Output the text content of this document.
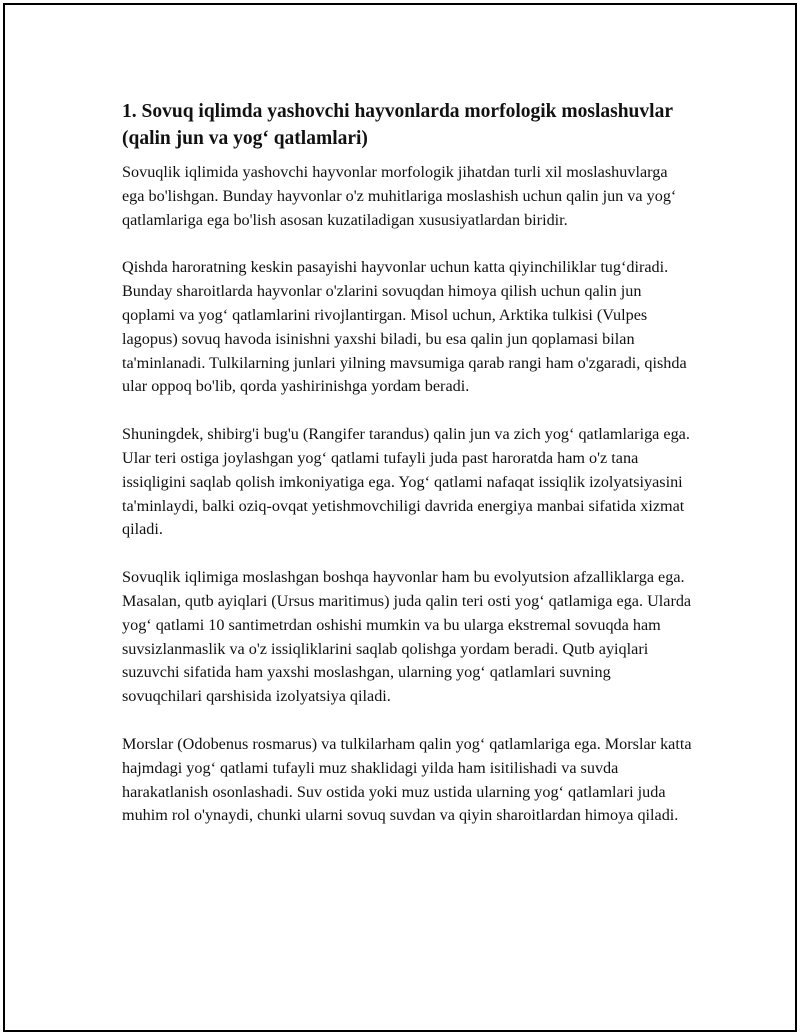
1. Sovuq iqlimda yashovchi hayvonlarda morfologik moslashuvlar (qalin jun va yog‘ qatlamlari)

Sovuqlik iqlimida yashovchi hayvonlar morfologik jihatdan turli xil moslashuvlarga ega bo'lishgan. Bunday hayvonlar o'z muhitlariga moslashish uchun qalin jun va yog‘ qatlamlariga ega bo'lish asosan kuzatiladigan xususiyatlardan biridir.

Qishda haroratning keskin pasayishi hayvonlar uchun katta qiyinchiliklar tug‘diradi. Bunday sharoitlarda hayvonlar o'zlarini sovuqdan himoya qilish uchun qalin jun qoplami va yog‘ qatlamlarini rivojlantirgan. Misol uchun, Arktika tulkisi (Vulpes lagopus) sovuq havoda isinishni yaxshi biladi, bu esa qalin jun qoplamasi bilan ta'minlanadi. Tulkilarning junlari yilning mavsumiga qarab rangi ham o'zgaradi, qishda ular oppoq bo'lib, qorda yashirinishga yordam beradi.

Shuningdek, shibirg'i bug'u (Rangifer tarandus) qalin jun va zich yog‘ qatlamlariga ega. Ular teri ostiga joylashgan yog‘ qatlami tufayli juda past haroratda ham o'z tana issiqligini saqlab qolish imkoniyatiga ega. Yog‘ qatlami nafaqat issiqlik izolyatsiyasini ta'minlaydi, balki oziq-ovqat yetishmovchiligi davrida energiya manbai sifatida xizmat qiladi.

Sovuqlik iqlimiga moslashgan boshqa hayvonlar ham bu evolyutsion afzalliklarga ega. Masalan, qutb ayiqlari (Ursus maritimus) juda qalin teri osti yog‘ qatlamiga ega. Ularda yog‘ qatlami 10 santimetrdan oshishi mumkin va bu ularga ekstremal sovuqda ham suvsizlanmaslik va o'z issiqliklarini saqlab qolishga yordam beradi. Qutb ayiqlari suzuvchi sifatida ham yaxshi moslashgan, ularning yog‘ qatlamlari suvning sovuqchilari qarshisida izolyatsiya qiladi.

Morslar (Odobenus rosmarus) va tulkilarham qalin yog‘ qatlamlariga ega. Morslar katta hajmdagi yog‘ qatlami tufayli muz shaklidagi yilda ham isitilishadi va suvda harakatlanish osonlashadi. Suv ostida yoki muz ustida ularning yog‘ qatlamlari juda muhim rol o'ynaydi, chunki ularni sovuq suvdan va qiyin sharoitlardan himoya qiladi.
